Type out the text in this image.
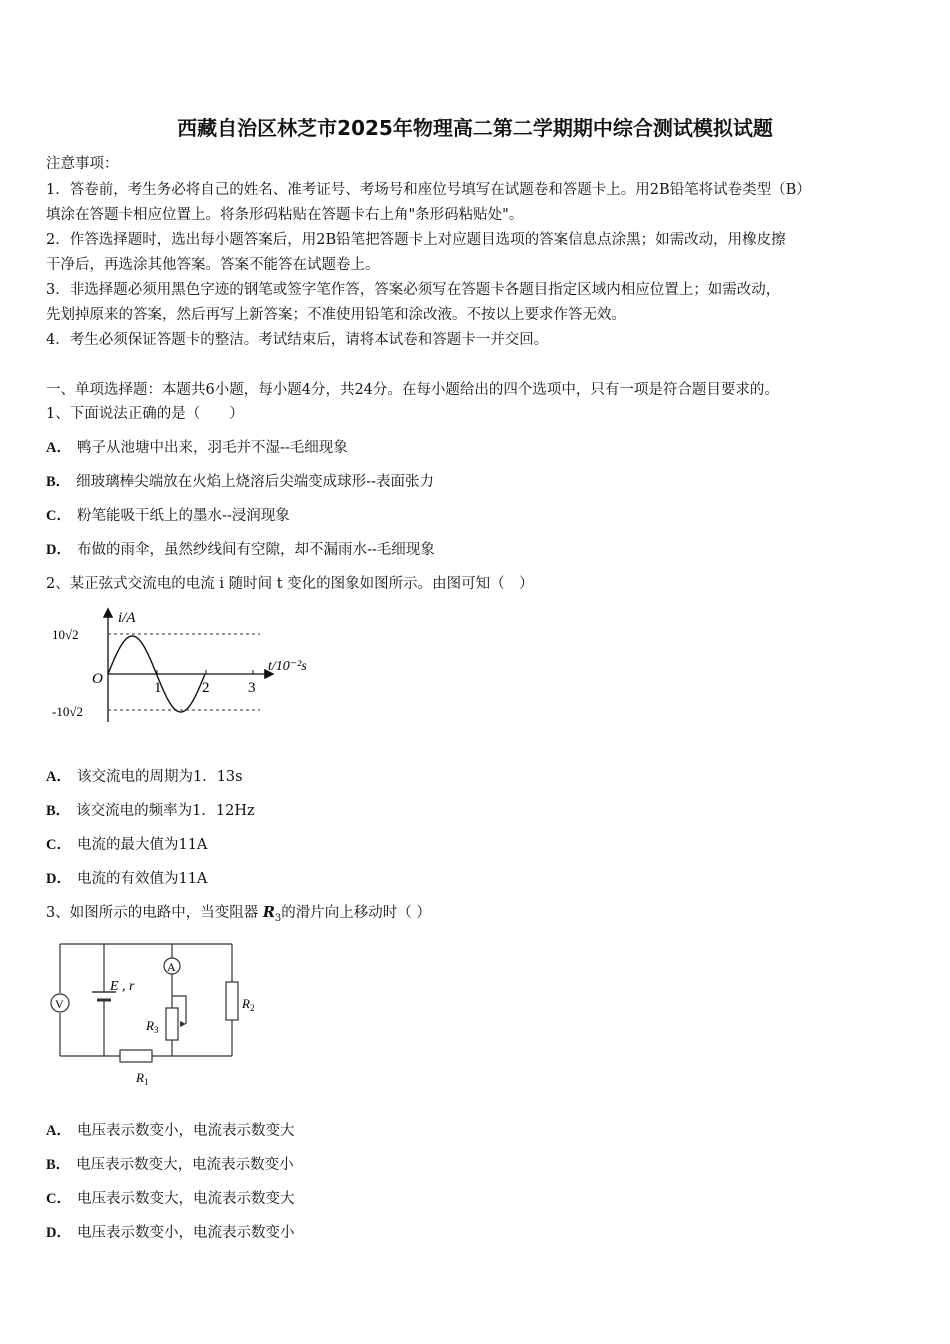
西藏自治区林芝市2025年物理高二第二学期期中综合测试模拟试题
注意事项：
1．答卷前，考生务必将自己的姓名、准考证号、考场号和座位号填写在试题卷和答题卡上。用2B铅笔将试卷类型（B）
填涂在答题卡相应位置上。将条形码粘贴在答题卡右上角"条形码粘贴处"。
2．作答选择题时，选出每小题答案后，用2B铅笔把答题卡上对应题目选项的答案信息点涂黑；如需改动，用橡皮擦
干净后，再选涂其他答案。答案不能答在试题卷上。
3．非选择题必须用黑色字迹的钢笔或签字笔作答，答案必须写在答题卡各题目指定区域内相应位置上；如需改动，
先划掉原来的答案，然后再写上新答案；不准使用铅笔和涂改液。不按以上要求作答无效。
4．考生必须保证答题卡的整洁。考试结束后，请将本试卷和答题卡一并交回。
一、单项选择题：本题共6小题，每小题4分，共24分。在每小题给出的四个选项中，只有一项是符合题目要求的。
1、下面说法正确的是（　　）
A． 鸭子从池塘中出来，羽毛并不湿--毛细现象
B． 细玻璃棒尖端放在火焰上烧溶后尖端变成球形--表面张力
C． 粉笔能吸干纸上的墨水--浸润现象
D． 布做的雨伞，虽然纱线间有空隙，却不漏雨水--毛细现象
2、某正弦式交流电的电流 i 随时间 t 变化的图象如图所示。由图可知（　）
i/A
t/10⁻²s
10√2
-10√2
O
1	2	3
A． 该交流电的周期为1．13s
B． 该交流电的频率为1．12Hz
C． 电流的最大值为11A
D． 电流的有效值为11A
3、如图所示的电路中，当变阻器 $R_3$的滑片向上移动时（ ）
V
E , r
A
$R_3$
$R_2$
$R_1$
A． 电压表示数变小，电流表示数变大
B． 电压表示数变大，电流表示数变小
C． 电压表示数变大，电流表示数变大
D． 电压表示数变小，电流表示数变小
